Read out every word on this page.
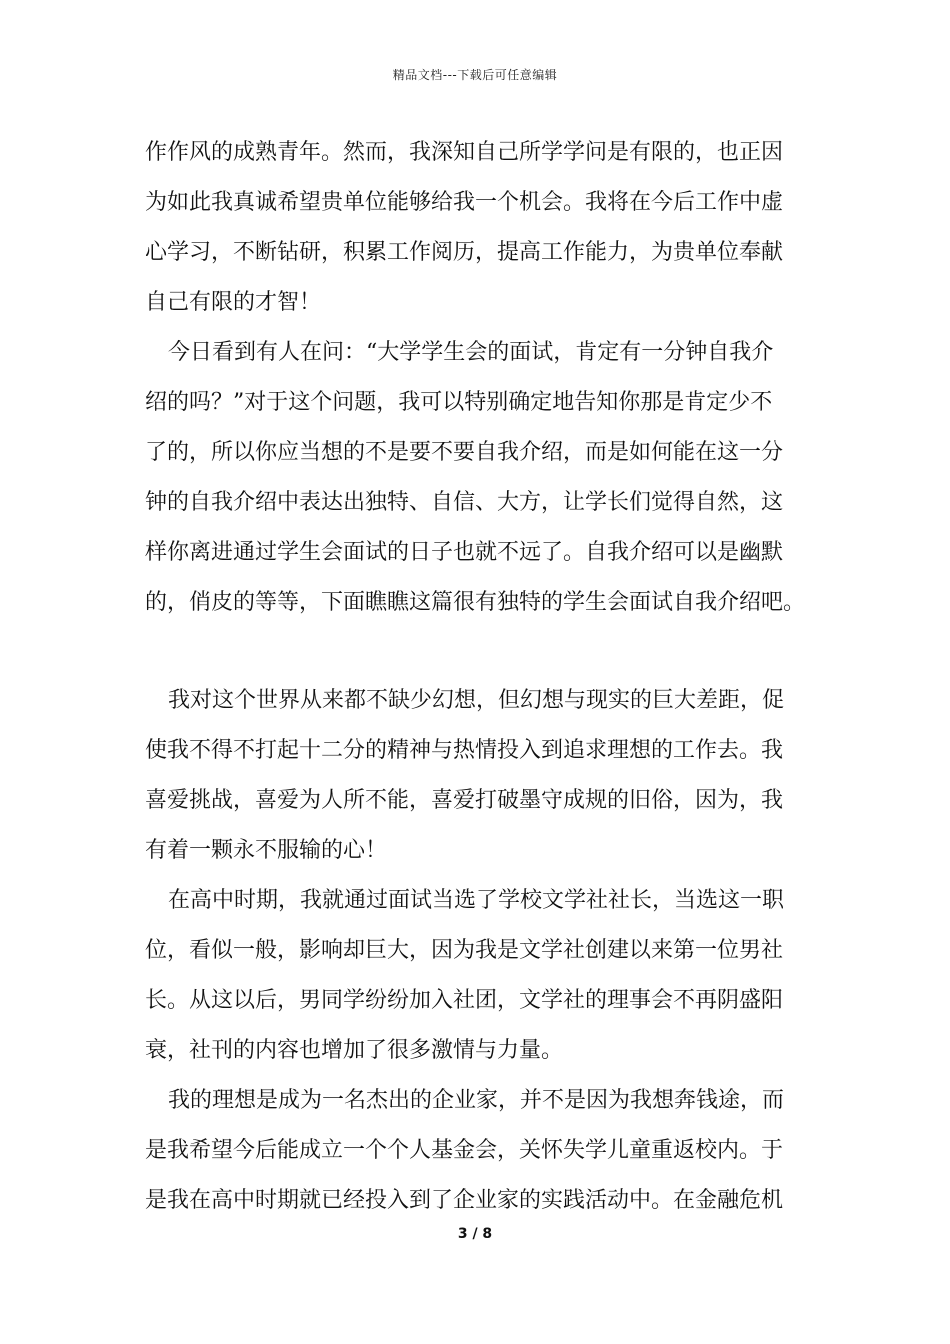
精品文档---下载后可任意编辑

作作风的成熟青年。然而，我深知自己所学学问是有限的，也正因
为如此我真诚希望贵单位能够给我一个机会。我将在今后工作中虚
心学习，不断钻研，积累工作阅历，提高工作能力，为贵单位奉献
自己有限的才智！

今日看到有人在问：“大学学生会的面试，肯定有一分钟自我介
绍的吗？”对于这个问题，我可以特别确定地告知你那是肯定少不
了的，所以你应当想的不是要不要自我介绍，而是如何能在这一分
钟的自我介绍中表达出独特、自信、大方，让学长们觉得自然，这
样你离进通过学生会面试的日子也就不远了。自我介绍可以是幽默
的，俏皮的等等，下面瞧瞧这篇很有独特的学生会面试自我介绍吧。

我对这个世界从来都不缺少幻想，但幻想与现实的巨大差距，促
使我不得不打起十二分的精神与热情投入到追求理想的工作去。我
喜爱挑战，喜爱为人所不能，喜爱打破墨守成规的旧俗，因为，我
有着一颗永不服输的心！

在高中时期，我就通过面试当选了学校文学社社长，当选这一职
位，看似一般，影响却巨大，因为我是文学社创建以来第一位男社
长。从这以后，男同学纷纷加入社团，文学社的理事会不再阴盛阳
衰，社刊的内容也增加了很多激情与力量。

我的理想是成为一名杰出的企业家，并不是因为我想奔钱途，而
是我希望今后能成立一个个人基金会，关怀失学儿童重返校内。于
是我在高中时期就已经投入到了企业家的实践活动中。在金融危机

3 / 8
